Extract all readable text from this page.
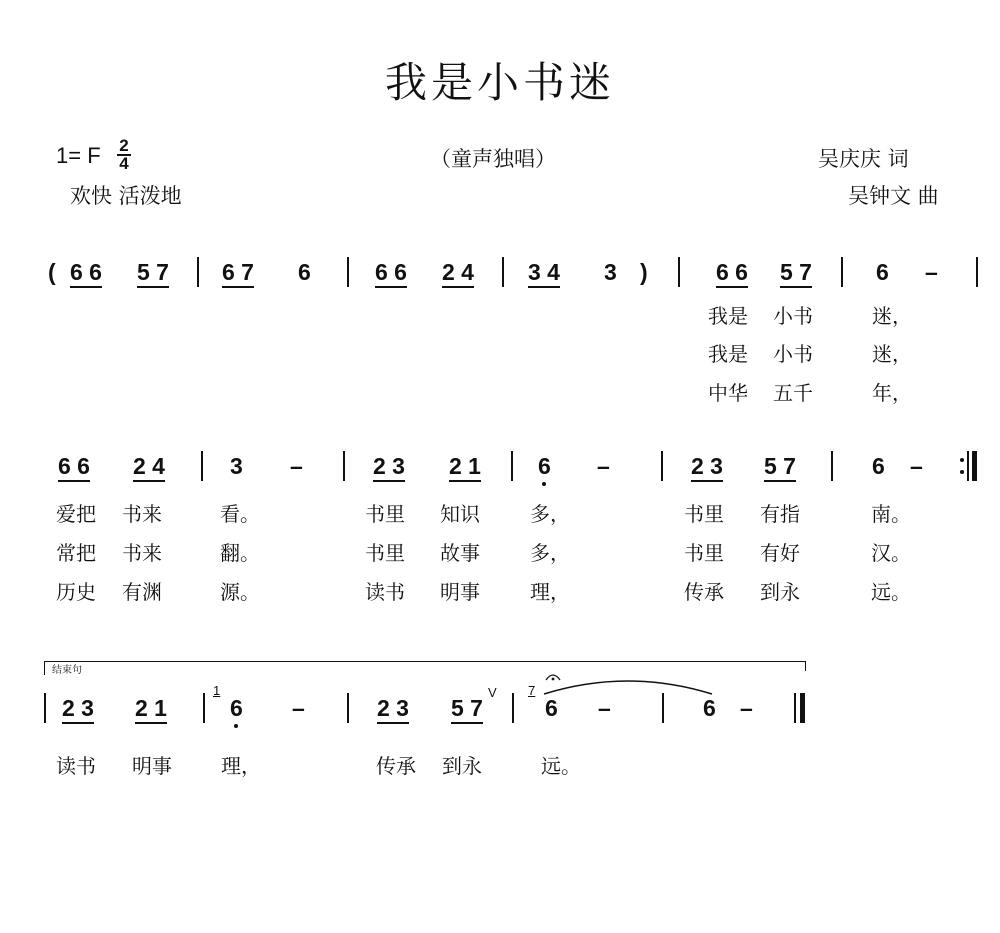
我是小书迷
1= F $\frac{2}{4}$	（童声独唱）	吴庆庆 词
欢快 活泼地	吴钟文 曲
( 6 6 5 7 6 7 6	6 6 2 4 3 4 3 )	6 6 5 7	6 –
我是 小书	迷，
我是 小书	迷，
中华 五千	年，
6 6 2 4	3 –	2 3 2 1 6 –	2 3 5 7	6 –
爱把 书来	看。	书里 知识	多，	书里 有指	南。
常把 书来	翻。	书里 故事	多，	书里 有好	汉。
历史 有渊	源。	读书 明事	理，	传承 到永	远。
结束句
2 3 2 1
1
6 –	2 3 5 7
V 7
6 –	6 –
读书 明事 理，	传承 到永	远。
